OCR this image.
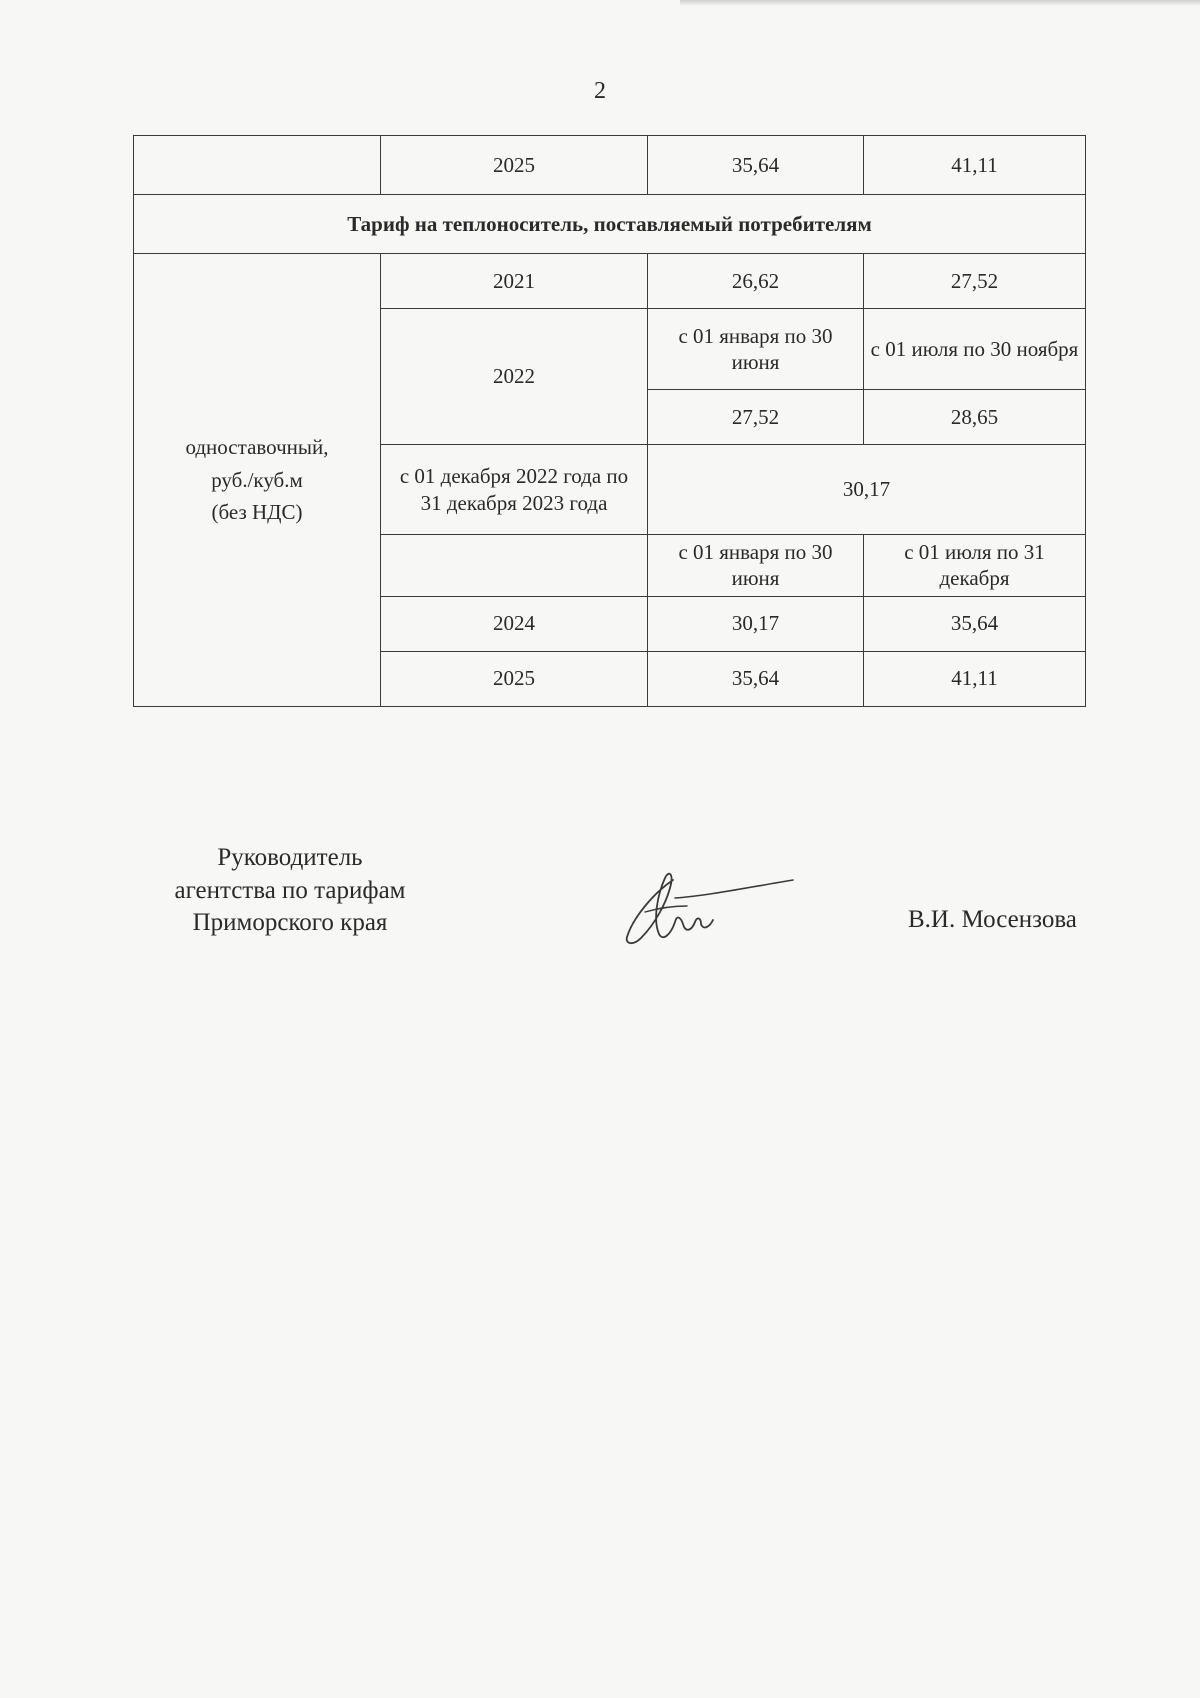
2
	2025	35,64	41,11
Тариф на теплоноситель, поставляемый потребителям			

одноставочный,
руб./куб.м
(без НДС)	2021	26,62	27,52
	2022	с 01 января по 30 июня	с 01 июля по 30 ноября
		27,52	28,65
	с 01 декабря 2022 года по 31 декабря 2023 года	30,17	
		с 01 января по 30 июня	с 01 июля по 31 декабря
	2024	30,17	35,64
	2025	35,64	41,11
Руководитель
агентства по тарифам
Приморского края	В.И. Мосензова
